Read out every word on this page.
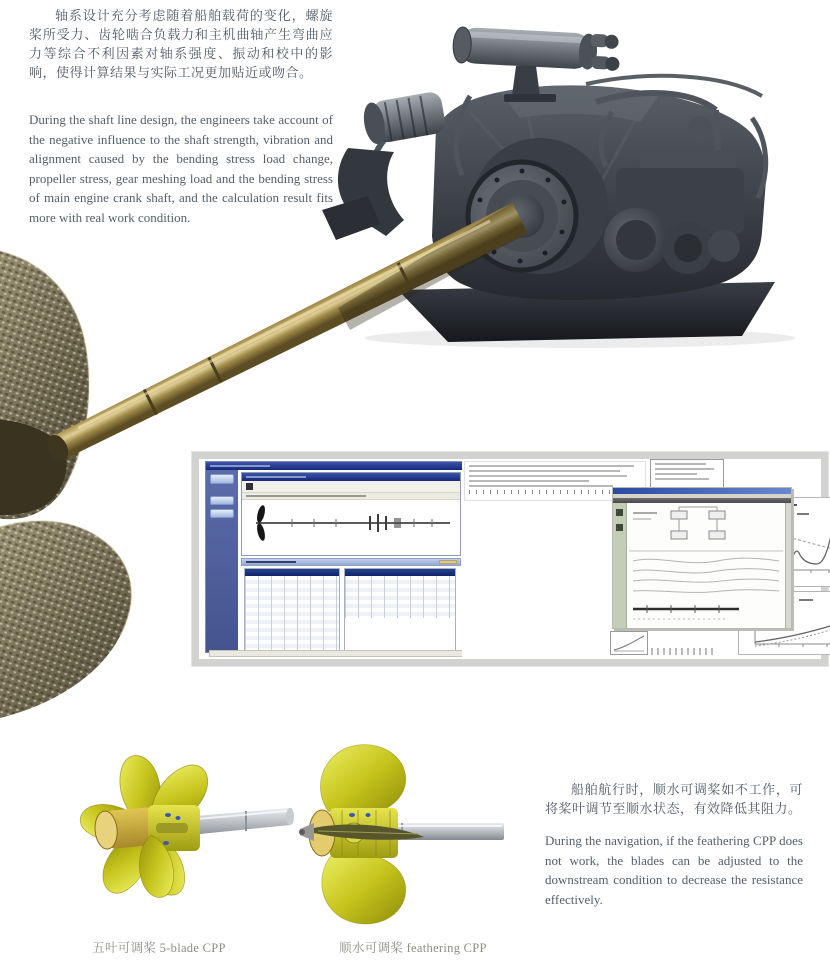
轴系设计充分考虑随着船舶载荷的变化，螺旋桨所受力、齿轮啮合负载力和主机曲轴产生弯曲应力等综合不利因素对轴系强度、振动和校中的影响，使得计算结果与实际工况更加贴近或吻合。
During the shaft line design, the engineers take account of the negative influence to the shaft strength, vibration and alignment caused by the bending stress load change, propeller stress, gear meshing load and the bending stress of main engine crank shaft, and the calculation result fits more with real work condition.
五叶可调桨 5-blade CPP	顺水可调桨 feathering CPP
船舶航行时，顺水可调桨如不工作，可将桨叶调节至顺水状态，有效降低其阻力。
During the navigation, if the feathering CPP does not work, the blades can be adjusted to the downstream condition to decrease the resistance effectively.
